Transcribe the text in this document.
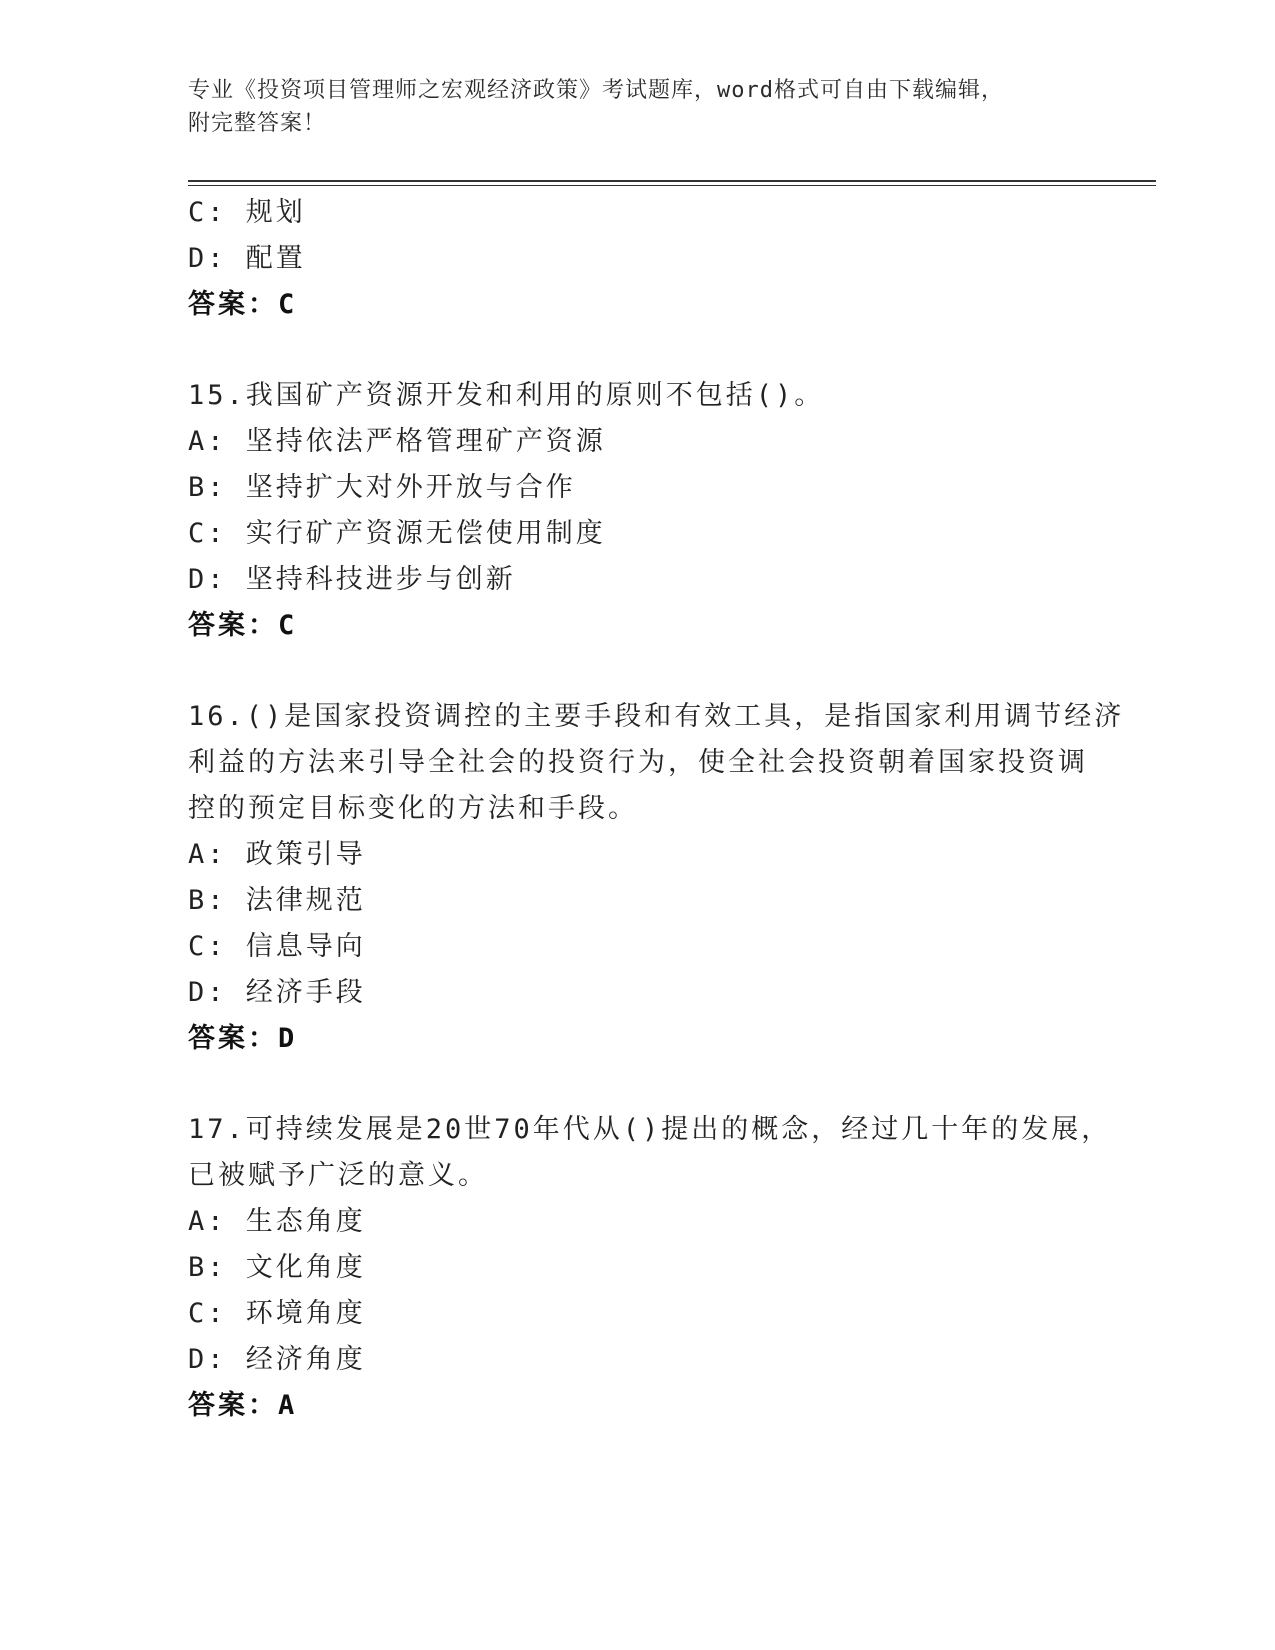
专业《投资项目管理师之宏观经济政策》考试题库，word格式可自由下载编辑，
附完整答案！
C: 规划
D: 配置
答案：C
15.我国矿产资源开发和利用的原则不包括()。
A: 坚持依法严格管理矿产资源
B: 坚持扩大对外开放与合作
C: 实行矿产资源无偿使用制度
D: 坚持科技进步与创新
答案：C
16.()是国家投资调控的主要手段和有效工具，是指国家利用调节经济
利益的方法来引导全社会的投资行为，使全社会投资朝着国家投资调
控的预定目标变化的方法和手段。
A: 政策引导
B: 法律规范
C: 信息导向
D: 经济手段
答案：D
17.可持续发展是20世70年代从()提出的概念，经过几十年的发展，
已被赋予广泛的意义。
A: 生态角度
B: 文化角度
C: 环境角度
D: 经济角度
答案：A
